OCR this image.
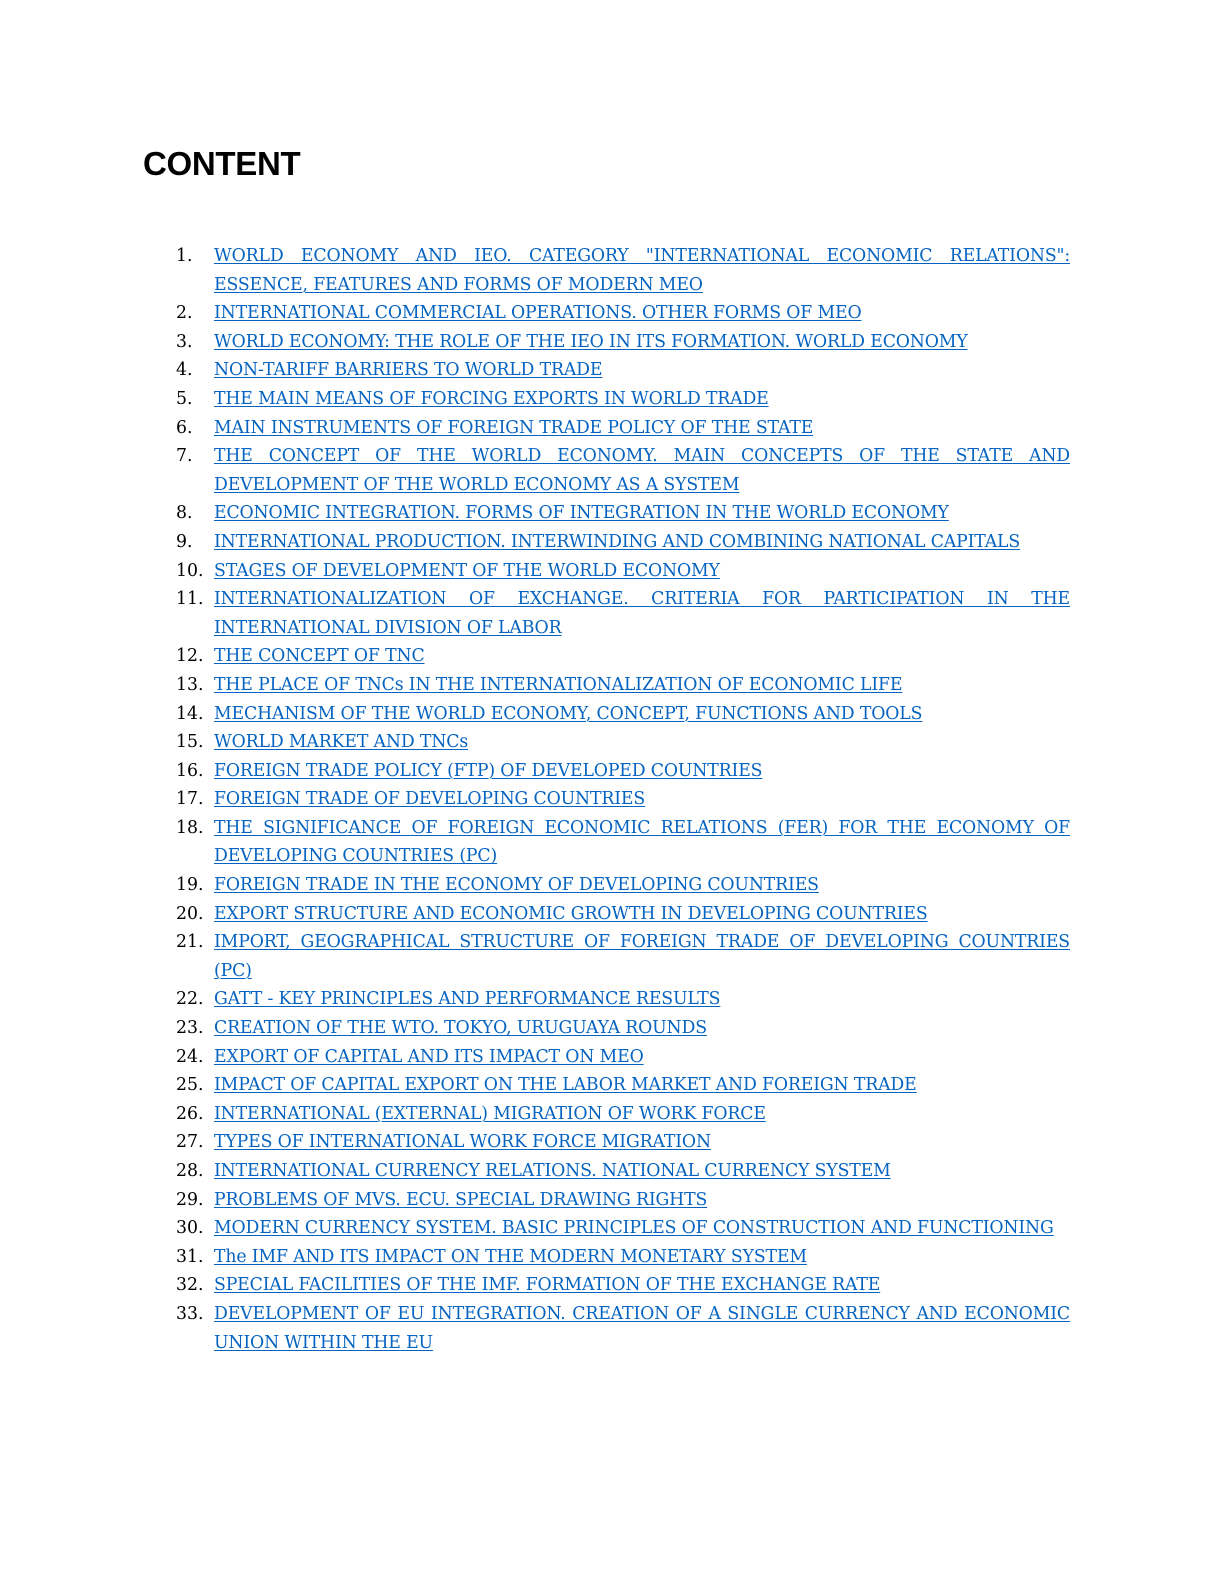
CONTENT
1.	WORLD ECONOMY AND IEO. CATEGORY "INTERNATIONAL ECONOMIC RELATIONS": ESSENCE, FEATURES AND FORMS OF MODERN MEO
2.	INTERNATIONAL COMMERCIAL OPERATIONS. OTHER FORMS OF MEO
3.	WORLD ECONOMY: THE ROLE OF THE IEO IN ITS FORMATION. WORLD ECONOMY
4.	NON-TARIFF BARRIERS TO WORLD TRADE
5.	THE MAIN MEANS OF FORCING EXPORTS IN WORLD TRADE
6.	MAIN INSTRUMENTS OF FOREIGN TRADE POLICY OF THE STATE
7.	THE CONCEPT OF THE WORLD ECONOMY. MAIN CONCEPTS OF THE STATE AND DEVELOPMENT OF THE WORLD ECONOMY AS A SYSTEM
8.	ECONOMIC INTEGRATION. FORMS OF INTEGRATION IN THE WORLD ECONOMY
9.	INTERNATIONAL PRODUCTION. INTERWINDING AND COMBINING NATIONAL CAPITALS
10. STAGES OF DEVELOPMENT OF THE WORLD ECONOMY
11. INTERNATIONALIZATION OF EXCHANGE. CRITERIA FOR PARTICIPATION IN THE INTERNATIONAL DIVISION OF LABOR
12. THE CONCEPT OF TNC
13. THE PLACE OF TNCs IN THE INTERNATIONALIZATION OF ECONOMIC LIFE
14. MECHANISM OF THE WORLD ECONOMY, CONCEPT, FUNCTIONS AND TOOLS
15. WORLD MARKET AND TNCs
16. FOREIGN TRADE POLICY (FTP) OF DEVELOPED COUNTRIES
17. FOREIGN TRADE OF DEVELOPING COUNTRIES
18. THE SIGNIFICANCE OF FOREIGN ECONOMIC RELATIONS (FER) FOR THE ECONOMY OF DEVELOPING COUNTRIES (PC)
19. FOREIGN TRADE IN THE ECONOMY OF DEVELOPING COUNTRIES
20. EXPORT STRUCTURE AND ECONOMIC GROWTH IN DEVELOPING COUNTRIES
21. IMPORT, GEOGRAPHICAL STRUCTURE OF FOREIGN TRADE OF DEVELOPING COUNTRIES (PC)
22. GATT - KEY PRINCIPLES AND PERFORMANCE RESULTS
23. CREATION OF THE WTO. TOKYO, URUGUAYA ROUNDS
24. EXPORT OF CAPITAL AND ITS IMPACT ON MEO
25. IMPACT OF CAPITAL EXPORT ON THE LABOR MARKET AND FOREIGN TRADE
26. INTERNATIONAL (EXTERNAL) MIGRATION OF WORK FORCE
27. TYPES OF INTERNATIONAL WORK FORCE MIGRATION
28. INTERNATIONAL CURRENCY RELATIONS. NATIONAL CURRENCY SYSTEM
29. PROBLEMS OF MVS. ECU. SPECIAL DRAWING RIGHTS
30. MODERN CURRENCY SYSTEM. BASIC PRINCIPLES OF CONSTRUCTION AND FUNCTIONING
31. The IMF AND ITS IMPACT ON THE MODERN MONETARY SYSTEM
32. SPECIAL FACILITIES OF THE IMF. FORMATION OF THE EXCHANGE RATE
33. DEVELOPMENT OF EU INTEGRATION. CREATION OF A SINGLE CURRENCY AND ECONOMIC UNION WITHIN THE EU
